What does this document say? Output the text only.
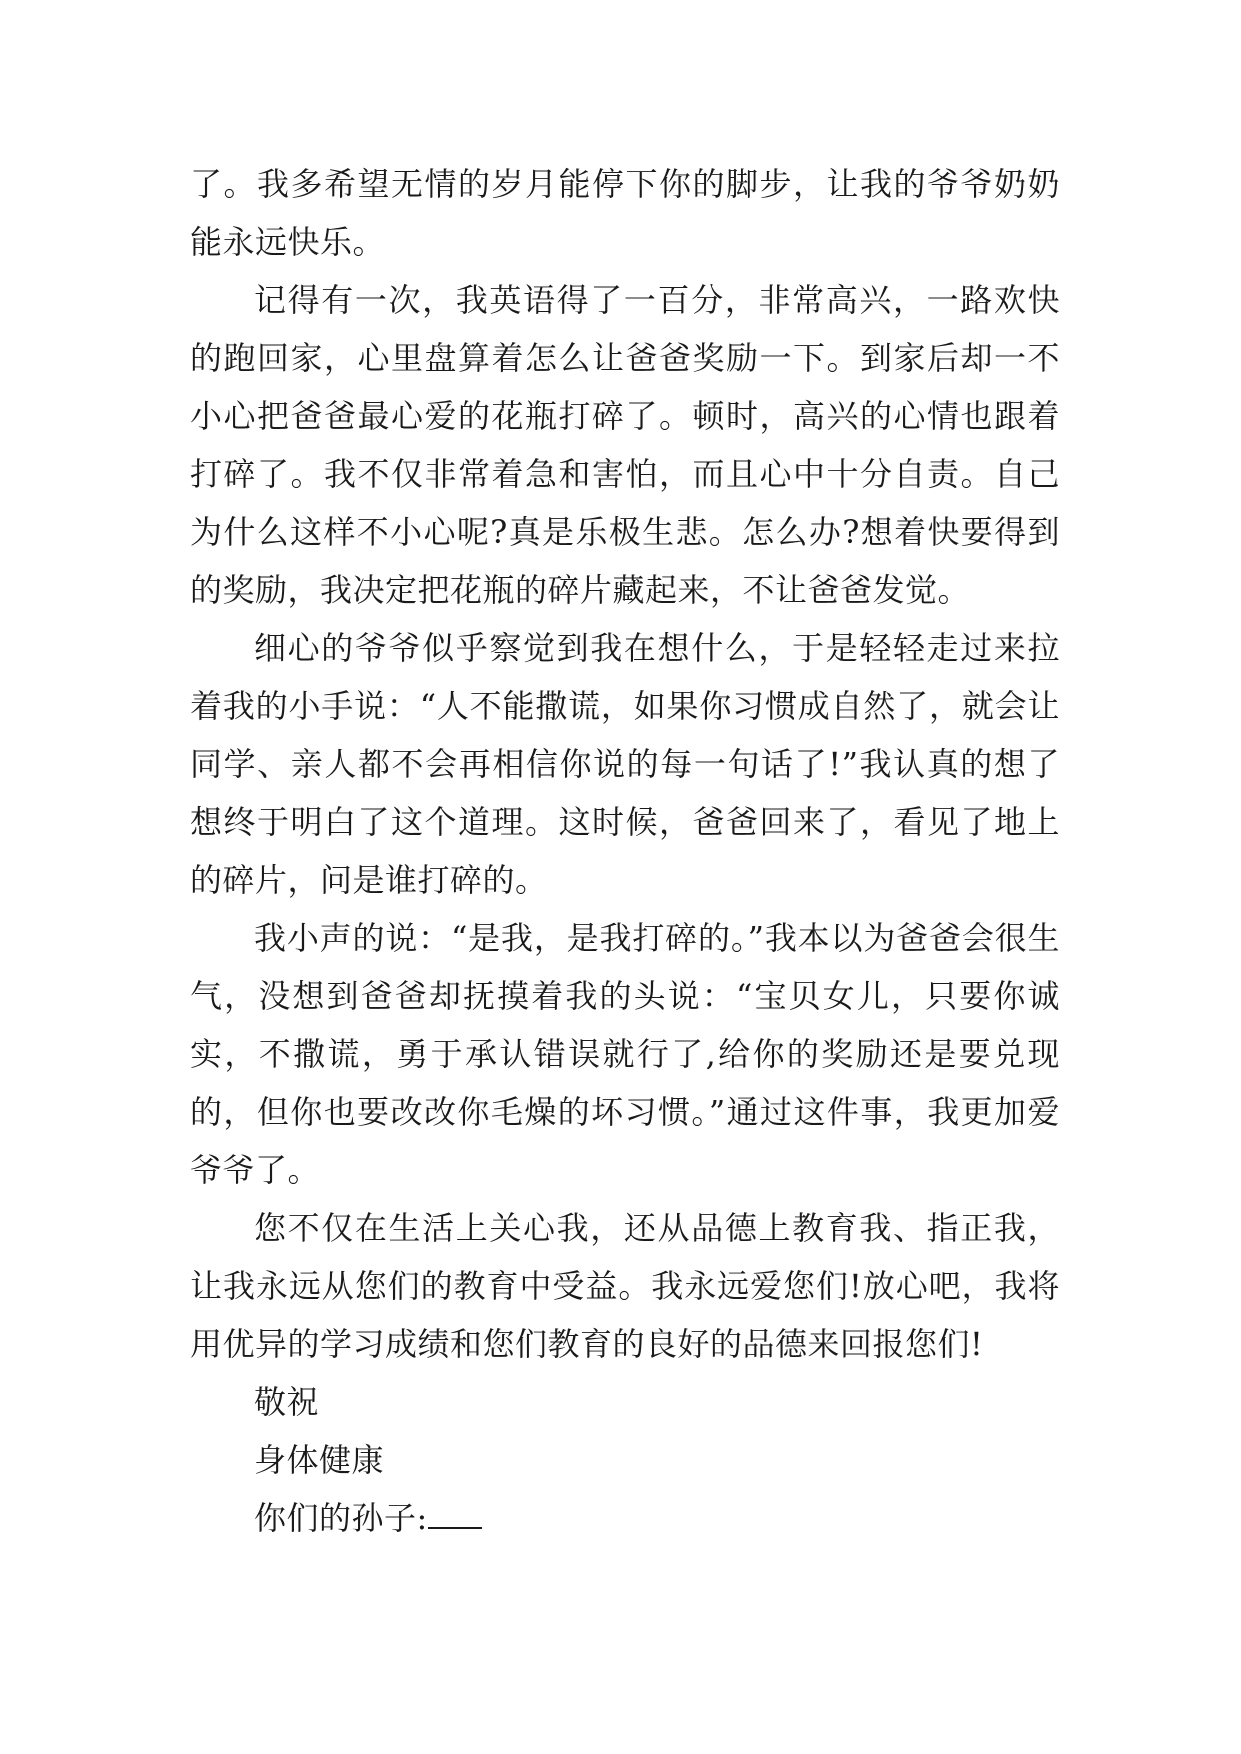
了。我多希望无情的岁月能停下你的脚步，让我的爷爷奶奶能永远快乐。

记得有一次，我英语得了一百分，非常高兴，一路欢快的跑回家，心里盘算着怎么让爸爸奖励一下。到家后却一不小心把爸爸最心爱的花瓶打碎了。顿时，高兴的心情也跟着打碎了。我不仅非常着急和害怕，而且心中十分自责。自己为什么这样不小心呢?真是乐极生悲。怎么办?想着快要得到的奖励，我决定把花瓶的碎片藏起来，不让爸爸发觉。

细心的爷爷似乎察觉到我在想什么，于是轻轻走过来拉着我的小手说：“人不能撒谎，如果你习惯成自然了，就会让同学、亲人都不会再相信你说的每一句话了!”我认真的想了想终于明白了这个道理。这时候，爸爸回来了，看见了地上的碎片，问是谁打碎的。

我小声的说：“是我，是我打碎的。”我本以为爸爸会很生气，没想到爸爸却抚摸着我的头说：“宝贝女儿，只要你诚实，不撒谎，勇于承认错误就行了,给你的奖励还是要兑现的，但你也要改改你毛燥的坏习惯。”通过这件事，我更加爱爷爷了。

您不仅在生活上关心我，还从品德上教育我、指正我，让我永远从您们的教育中受益。我永远爱您们!放心吧，我将用优异的学习成绩和您们教育的良好的品德来回报您们!

敬祝

身体健康

你们的孙子:
